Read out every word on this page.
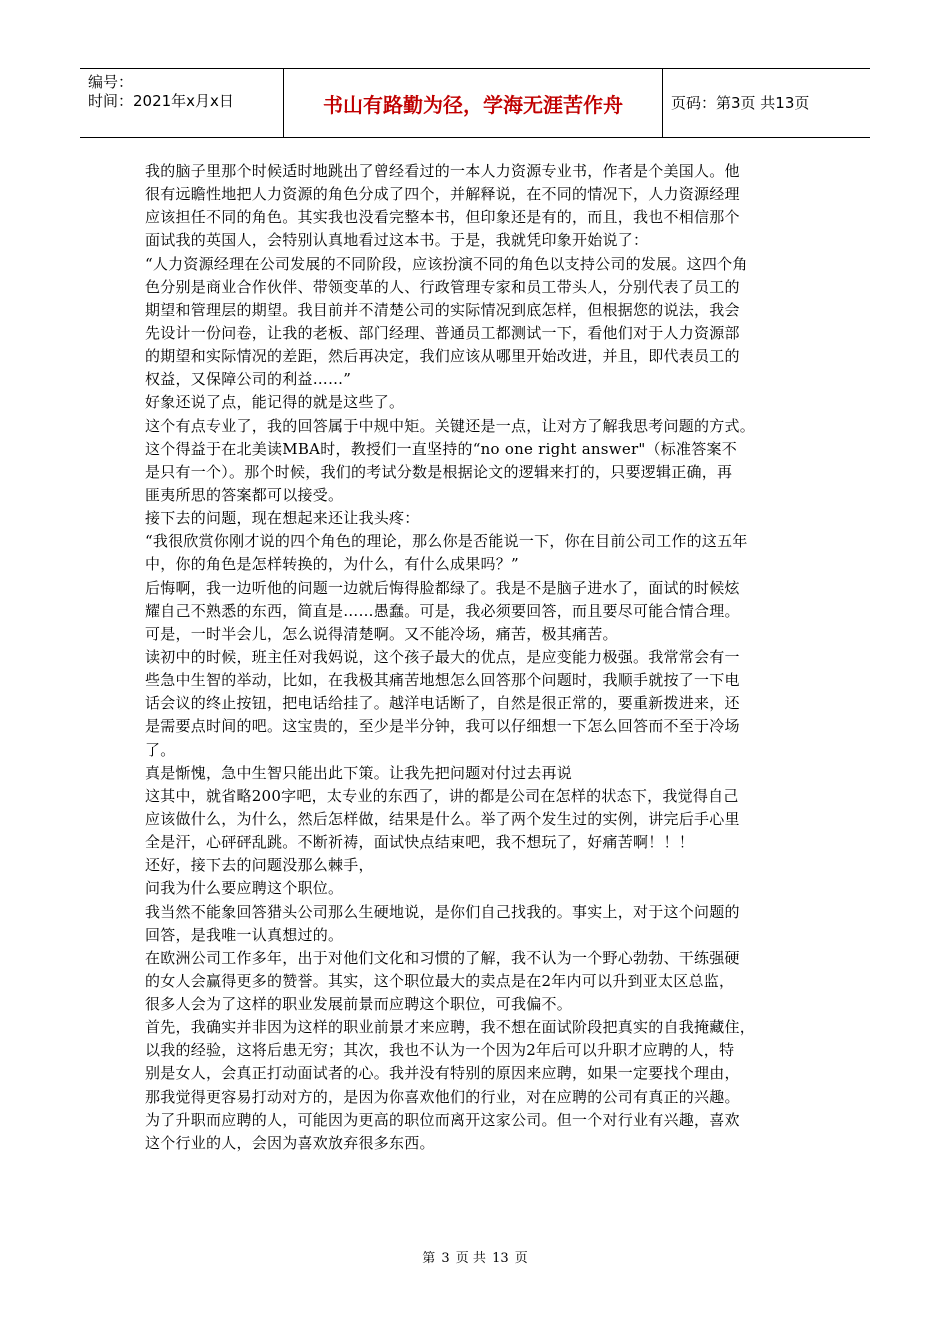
编号：
时间：2021年x月x日	书山有路勤为径，学海无涯苦作舟	页码：第3页 共13页
我的脑子里那个时候适时地跳出了曾经看过的一本人力资源专业书，作者是个美国人。他
很有远瞻性地把人力资源的角色分成了四个，并解释说，在不同的情况下，人力资源经理
应该担任不同的角色。其实我也没看完整本书，但印象还是有的，而且，我也不相信那个
面试我的英国人，会特别认真地看过这本书。于是，我就凭印象开始说了：
“人力资源经理在公司发展的不同阶段，应该扮演不同的角色以支持公司的发展。这四个角
色分别是商业合作伙伴、带领变革的人、行政管理专家和员工带头人，分别代表了员工的
期望和管理层的期望。我目前并不清楚公司的实际情况到底怎样，但根据您的说法，我会
先设计一份问卷，让我的老板、部门经理、普通员工都测试一下，看他们对于人力资源部
的期望和实际情况的差距，然后再决定，我们应该从哪里开始改进，并且，即代表员工的
权益，又保障公司的利益……”
好象还说了点，能记得的就是这些了。
这个有点专业了，我的回答属于中规中矩。关键还是一点，让对方了解我思考问题的方式。
这个得益于在北美读MBA时，教授们一直坚持的“no one right answer"（标准答案不
是只有一个）。那个时候，我们的考试分数是根据论文的逻辑来打的，只要逻辑正确，再
匪夷所思的答案都可以接受。
接下去的问题，现在想起来还让我头疼：
“我很欣赏你刚才说的四个角色的理论，那么你是否能说一下，你在目前公司工作的这五年
中，你的角色是怎样转换的，为什么，有什么成果吗？”
后悔啊，我一边听他的问题一边就后悔得脸都绿了。我是不是脑子进水了，面试的时候炫
耀自己不熟悉的东西，简直是……愚蠢。可是，我必须要回答，而且要尽可能合情合理。
可是，一时半会儿，怎么说得清楚啊。又不能冷场，痛苦，极其痛苦。
读初中的时候，班主任对我妈说，这个孩子最大的优点，是应变能力极强。我常常会有一
些急中生智的举动，比如，在我极其痛苦地想怎么回答那个问题时，我顺手就按了一下电
话会议的终止按钮，把电话给挂了。越洋电话断了，自然是很正常的，要重新拨进来，还
是需要点时间的吧。这宝贵的，至少是半分钟，我可以仔细想一下怎么回答而不至于冷场
了。
真是惭愧，急中生智只能出此下策。让我先把问题对付过去再说
这其中，就省略200字吧，太专业的东西了，讲的都是公司在怎样的状态下，我觉得自己
应该做什么，为什么，然后怎样做，结果是什么。举了两个发生过的实例，讲完后手心里
全是汗，心砰砰乱跳。不断祈祷，面试快点结束吧，我不想玩了，好痛苦啊！！！
还好，接下去的问题没那么棘手，
问我为什么要应聘这个职位。
我当然不能象回答猎头公司那么生硬地说，是你们自己找我的。事实上，对于这个问题的
回答，是我唯一认真想过的。
在欧洲公司工作多年，出于对他们文化和习惯的了解，我不认为一个野心勃勃、干练强硬
的女人会赢得更多的赞誉。其实，这个职位最大的卖点是在2年内可以升到亚太区总监，
很多人会为了这样的职业发展前景而应聘这个职位，可我偏不。
首先，我确实并非因为这样的职业前景才来应聘，我不想在面试阶段把真实的自我掩藏住，
以我的经验，这将后患无穷；其次，我也不认为一个因为2年后可以升职才应聘的人，特
别是女人，会真正打动面试者的心。我并没有特别的原因来应聘，如果一定要找个理由，
那我觉得更容易打动对方的，是因为你喜欢他们的行业，对在应聘的公司有真正的兴趣。
为了升职而应聘的人，可能因为更高的职位而离开这家公司。但一个对行业有兴趣，喜欢
这个行业的人，会因为喜欢放弃很多东西。
第 3 页 共 13 页
